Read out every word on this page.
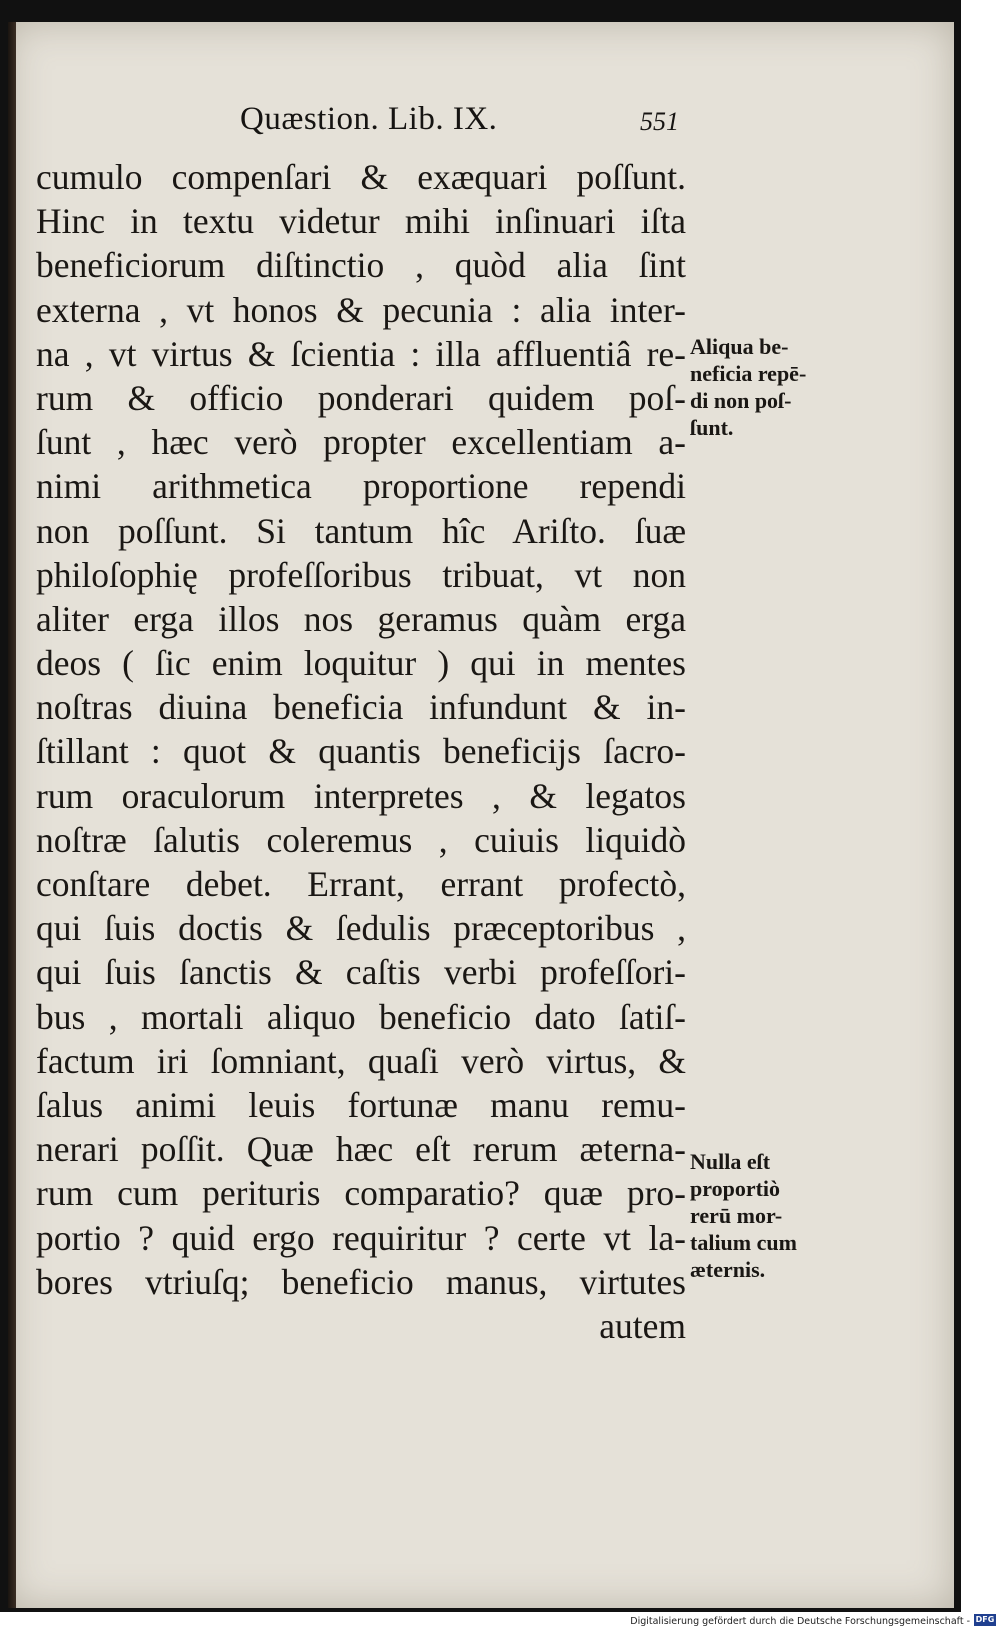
Quæstion. Lib. IX.	551
cumulo compenſari & exæquari poſſunt.
Hinc in textu videtur mihi inſinuari iſta
beneficiorum diſtinctio , quòd alia ſint
externa , vt honos & pecunia : alia inter-
na , vt virtus & ſcientia : illa affluentiâ re-
rum & officio ponderari quidem poſ-
ſunt , hæc verò propter excellentiam a-
nimi arithmetica proportione rependi
non poſſunt. Si tantum hîc Ariſto. ſuæ
philoſophię profeſſoribus tribuat, vt non
aliter erga illos nos geramus quàm erga
deos ( ſic enim loquitur ) qui in mentes
noſtras diuina beneficia infundunt & in-
ſtillant : quot & quantis beneficijs ſacro-
rum oraculorum interpretes , & legatos
noſtræ ſalutis coleremus , cuiuis liquidò
conſtare debet. Errant, errant profectò,
qui ſuis doctis & ſedulis præceptoribus ,
qui ſuis ſanctis & caſtis verbi profeſſori-
bus , mortali aliquo beneficio dato ſatiſ-
factum iri ſomniant, quaſi verò virtus, &
ſalus animi leuis fortunæ manu remu-
nerari poſſit. Quæ hæc eſt rerum æterna-
rum cum perituris comparatio? quæ pro-
portio ? quid ergo requiritur ? certe vt la-
bores vtriuſq; beneficio manus, virtutes
autem
Aliqua be-
neficia repē-
di non poſ-
ſunt.
Nulla eſt
proportiò
rerū mor-
talium cum
æternis.
Digitalisierung gefördert durch die Deutsche Forschungsgemeinschaft - DFG
